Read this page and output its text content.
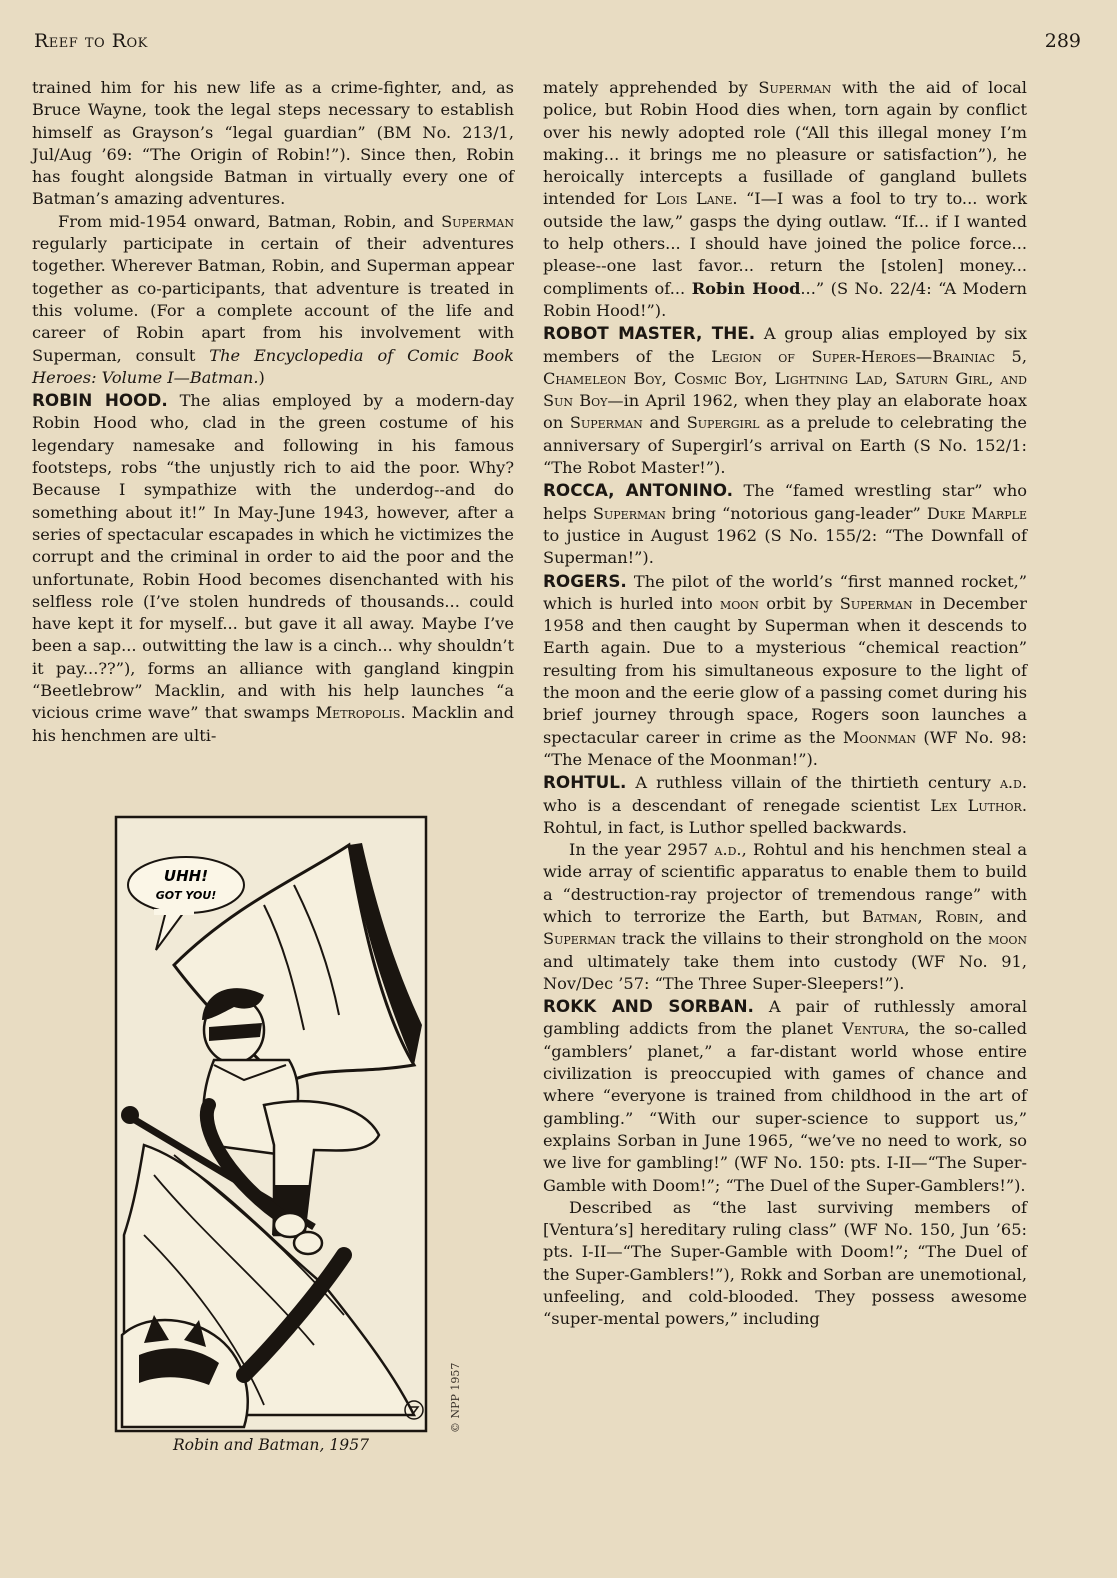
Reef to Rok	289

trained him for his new life as a crime-fighter, and, as Bruce Wayne, took the legal steps necessary to establish himself as Grayson’s “legal guardian” (BM No. 213/1, Jul/Aug ’69: “The Origin of Robin!”). Since then, Robin has fought alongside Batman in virtually every one of Batman’s amazing adventures.

From mid-1954 onward, Batman, Robin, and Superman regularly participate in certain of their adventures together. Wherever Batman, Robin, and Superman appear together as co-participants, that adventure is treated in this volume. (For a complete account of the life and career of Robin apart from his involvement with Superman, consult The Encyclopedia of Comic Book Heroes: Volume I—Batman.)

ROBIN HOOD. The alias employed by a modern-day Robin Hood who, clad in the green costume of his legendary namesake and following in his famous footsteps, robs “the unjustly rich to aid the poor. Why? Because I sympathize with the underdog--and do something about it!” In May-June 1943, however, after a series of spectacular escapades in which he victimizes the corrupt and the criminal in order to aid the poor and the unfortunate, Robin Hood becomes disenchanted with his selfless role (I’ve stolen hundreds of thousands... could have kept it for myself... but gave it all away. Maybe I’ve been a sap... outwitting the law is a cinch... why shouldn’t it pay...??”), forms an alliance with gangland kingpin “Beetlebrow” Macklin, and with his help launches “a vicious crime wave” that swamps Metropolis. Macklin and his henchmen are ulti-

UHH!
GOT YOU!
© NPP 1957
Robin and Batman, 1957

mately apprehended by Superman with the aid of local police, but Robin Hood dies when, torn again by conflict over his newly adopted role (“All this illegal money I’m making... it brings me no pleasure or satisfaction”), he heroically intercepts a fusillade of gangland bullets intended for Lois Lane. “I—I was a fool to try to... work outside the law,” gasps the dying outlaw. “If... if I wanted to help others... I should have joined the police force... please--one last favor... return the [stolen] money... compliments of... Robin Hood...” (S No. 22/4: “A Modern Robin Hood!”).

ROBOT MASTER, THE. A group alias employed by six members of the Legion of Super-Heroes—Brainiac 5, Chameleon Boy, Cosmic Boy, Lightning Lad, Saturn Girl, and Sun Boy—in April 1962, when they play an elaborate hoax on Superman and Supergirl as a prelude to celebrating the anniversary of Supergirl’s arrival on Earth (S No. 152/1: “The Robot Master!”).

ROCCA, ANTONINO. The “famed wrestling star” who helps Superman bring “notorious gang-leader” Duke Marple to justice in August 1962 (S No. 155/2: “The Downfall of Superman!”).

ROGERS. The pilot of the world’s “first manned rocket,” which is hurled into moon orbit by Superman in December 1958 and then caught by Superman when it descends to Earth again. Due to a mysterious “chemical reaction” resulting from his simultaneous exposure to the light of the moon and the eerie glow of a passing comet during his brief journey through space, Rogers soon launches a spectacular career in crime as the Moonman (WF No. 98: “The Menace of the Moonman!”).

ROHTUL. A ruthless villain of the thirtieth century a.d. who is a descendant of renegade scientist Lex Luthor. Rohtul, in fact, is Luthor spelled backwards.

In the year 2957 a.d., Rohtul and his henchmen steal a wide array of scientific apparatus to enable them to build a “destruction-ray projector of tremendous range” with which to terrorize the Earth, but Batman, Robin, and Superman track the villains to their stronghold on the moon and ultimately take them into custody (WF No. 91, Nov/Dec ’57: “The Three Super-Sleepers!”).

ROKK AND SORBAN. A pair of ruthlessly amoral gambling addicts from the planet Ventura, the so-called “gamblers’ planet,” a far-distant world whose entire civilization is preoccupied with games of chance and where “everyone is trained from childhood in the art of gambling.” “With our super-science to support us,” explains Sorban in June 1965, “we’ve no need to work, so we live for gambling!” (WF No. 150: pts. I-II—“The Super-Gamble with Doom!”; “The Duel of the Super-Gamblers!”).

Described as “the last surviving members of [Ventura’s] hereditary ruling class” (WF No. 150, Jun ’65: pts. I-II—“The Super-Gamble with Doom!”; “The Duel of the Super-Gamblers!”), Rokk and Sorban are unemotional, unfeeling, and cold-blooded. They possess awesome “super-mental powers,” including
